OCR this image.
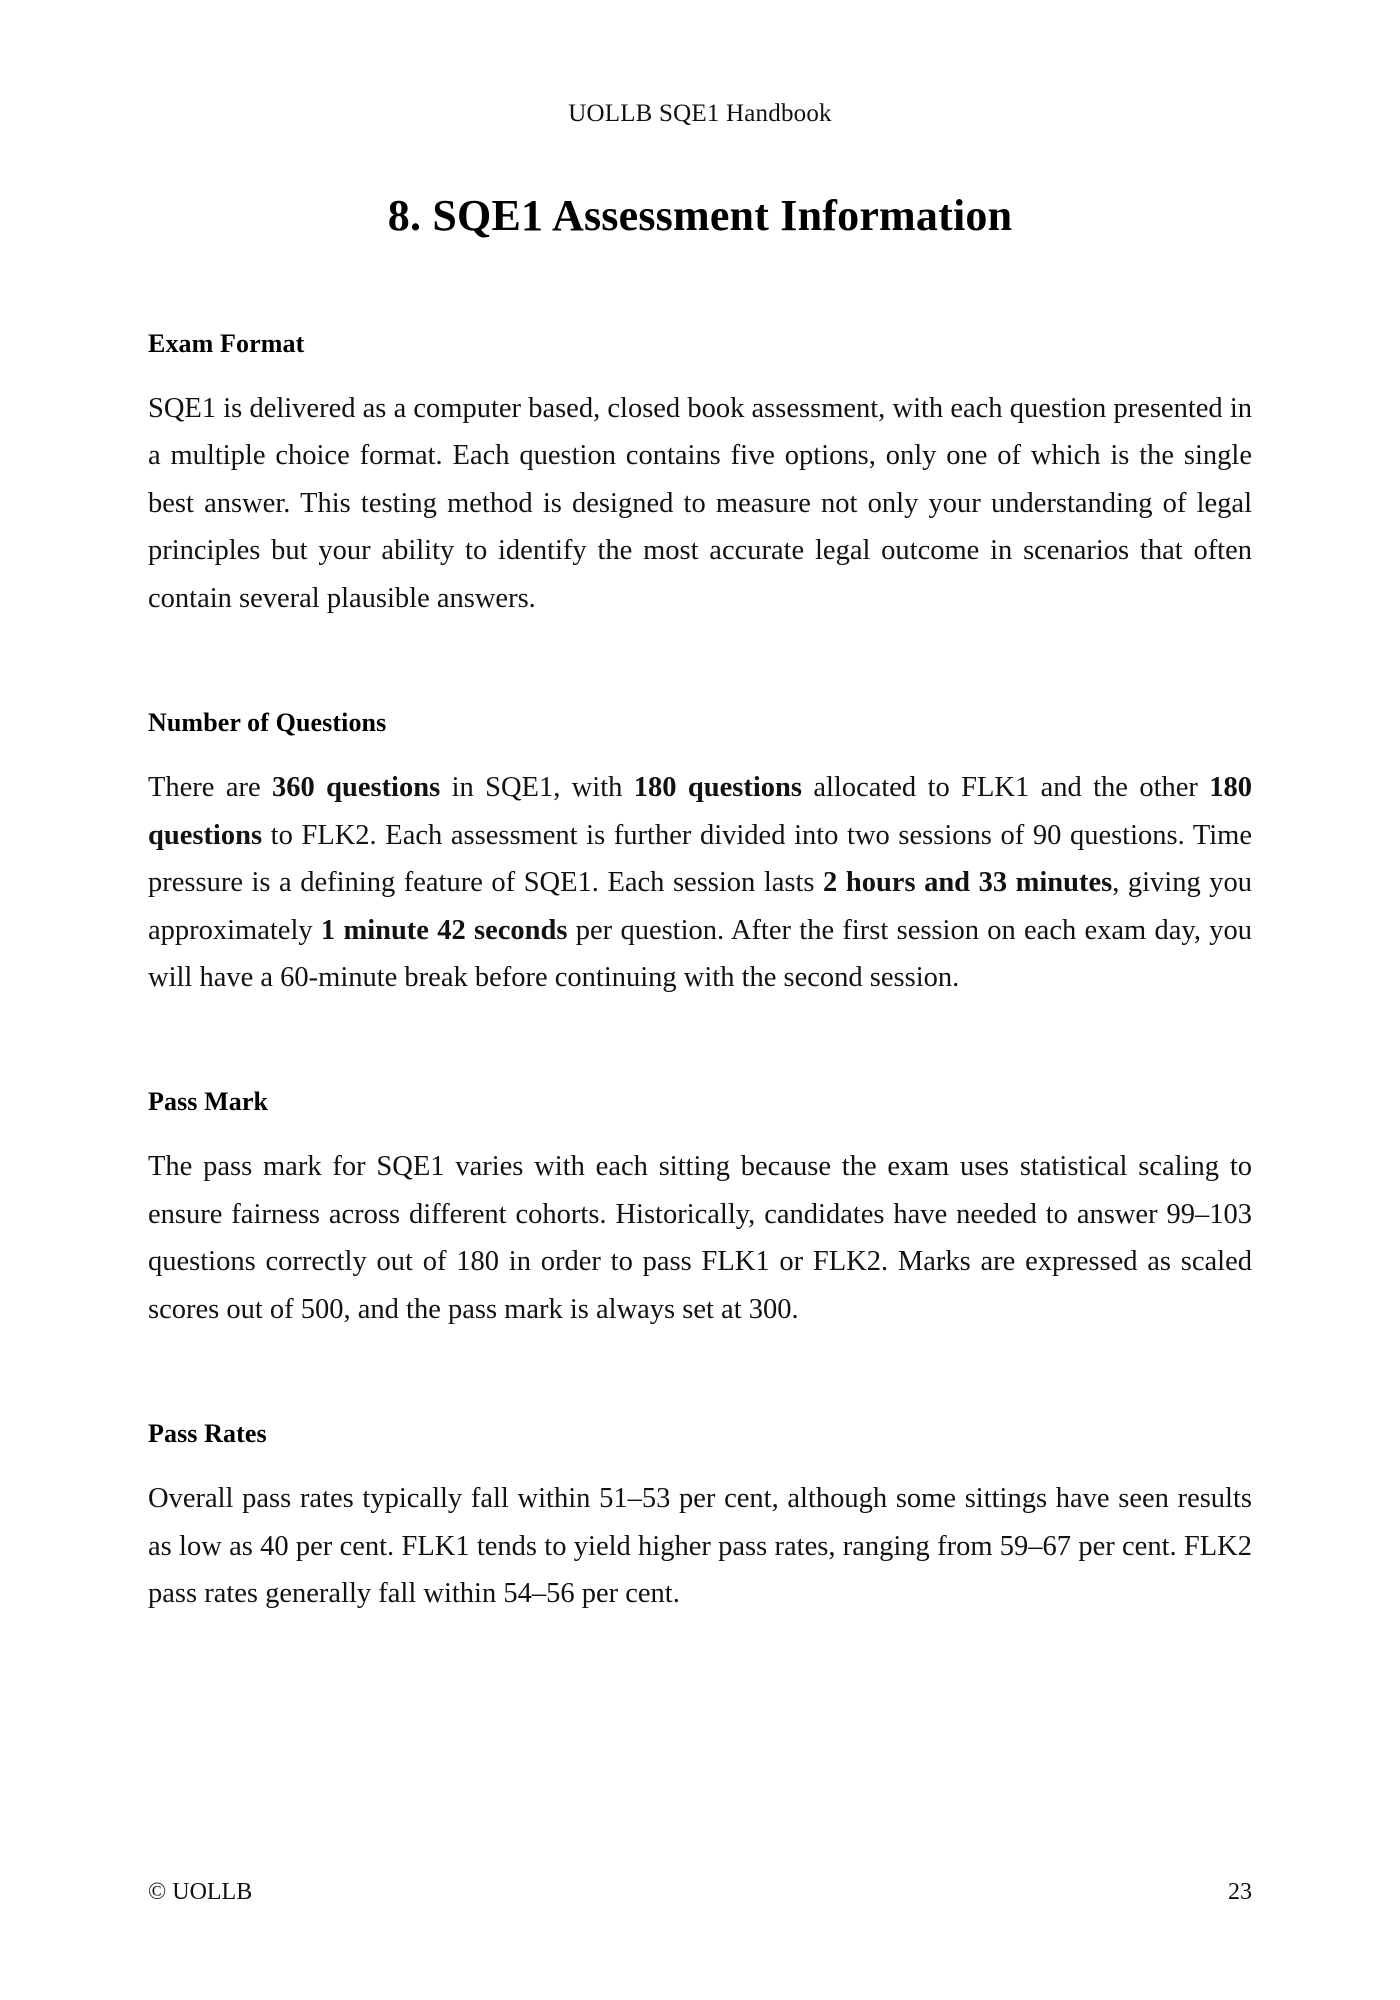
UOLLB SQE1 Handbook
8. SQE1 Assessment Information
Exam Format

SQE1 is delivered as a computer based, closed book assessment, with each question presented in a multiple choice format. Each question contains five options, only one of which is the single best answer. This testing method is designed to measure not only your understanding of legal principles but your ability to identify the most accurate legal outcome in scenarios that often contain several plausible answers.

Number of Questions

There are 360 questions in SQE1, with 180 questions allocated to FLK1 and the other 180 questions to FLK2. Each assessment is further divided into two sessions of 90 questions. Time pressure is a defining feature of SQE1. Each session lasts 2 hours and 33 minutes, giving you approximately 1 minute 42 seconds per question. After the first session on each exam day, you will have a 60-minute break before continuing with the second session.

Pass Mark

The pass mark for SQE1 varies with each sitting because the exam uses statistical scaling to ensure fairness across different cohorts. Historically, candidates have needed to answer 99–103 questions correctly out of 180 in order to pass FLK1 or FLK2. Marks are expressed as scaled scores out of 500, and the pass mark is always set at 300.

Pass Rates

Overall pass rates typically fall within 51–53 per cent, although some sittings have seen results as low as 40 per cent. FLK1 tends to yield higher pass rates, ranging from 59–67 per cent. FLK2 pass rates generally fall within 54–56 per cent.

© UOLLB	23
